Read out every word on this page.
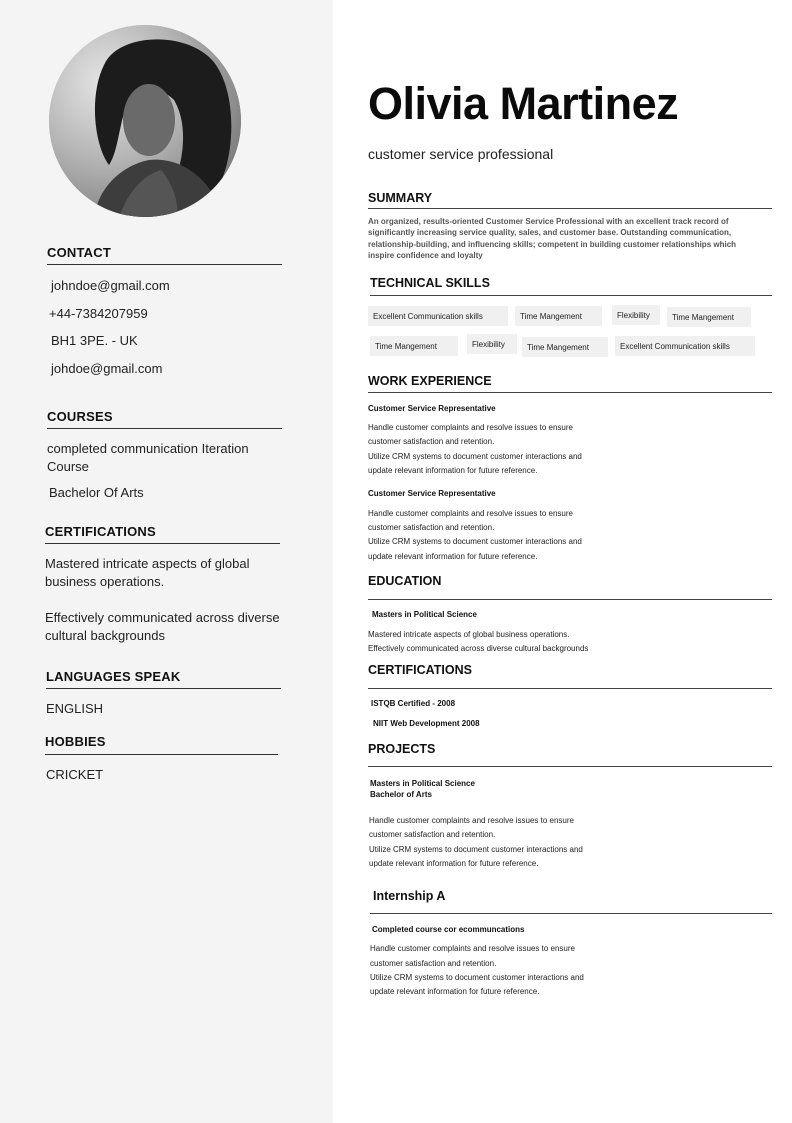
CONTACT
johndoe@gmail.com
+44-7384207959
BH1 3PE. - UK
johdoe@gmail.com
COURSES
completed communication Iteration Course
Bachelor Of Arts
CERTIFICATIONS
Mastered intricate aspects of global business operations.
Effectively communicated across diverse cultural backgrounds
LANGUAGES SPEAK
ENGLISH
HOBBIES
CRICKET
Olivia Martinez
customer service professional
SUMMARY
An organized, results-oriented Customer Service Professional with an excellent track record of significantly increasing service quality, sales, and customer base. Outstanding communication, relationship-building, and influencing skills; competent in building customer relationships which inspire confidence and loyalty
TECHNICAL SKILLS
Excellent Communication skills	Time Mangement	Flexibility	Time Mangement
Time Mangement	Flexibility	Time Mangement	Excellent Communication skills
WORK EXPERIENCE
Customer Service Representative
Handle customer complaints and resolve issues to ensure
customer satisfaction and retention.
Utilize CRM systems to document customer interactions and
update relevant information for future reference.
Customer Service Representative
Handle customer complaints and resolve issues to ensure
customer satisfaction and retention.
Utilize CRM systems to document customer interactions and
update relevant information for future reference.
EDUCATION
Masters in Political Science
Mastered intricate aspects of global business operations.
Effectively communicated across diverse cultural backgrounds
CERTIFICATIONS
ISTQB Certified - 2008
NIIT Web Development 2008
PROJECTS
Masters in Political Science
Bachelor of Arts
Handle customer complaints and resolve issues to ensure
customer satisfaction and retention.
Utilize CRM systems to document customer interactions and
update relevant information for future reference.
Internship A
Completed course cor ecommuncations
Handle customer complaints and resolve issues to ensure
customer satisfaction and retention.
Utilize CRM systems to document customer interactions and
update relevant information for future reference.
